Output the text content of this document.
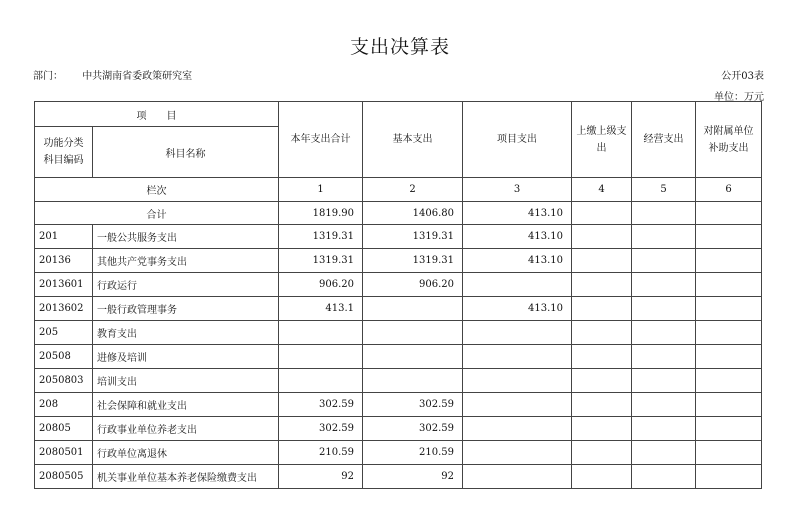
支出决算表
部门： 中共湖南省委政策研究室	公开03表
单位：万元
项　　目		本年支出合计	基本支出	项目支出	上缴上级支出	经营支出	对附属单位补助支出
功能分类科目编码	科目名称						
栏次		1	2	3	4	5	6
合计		1819.90	1406.80	413.10			
201	一般公共服务支出	1319.31	1319.31	413.10			
20136	其他共产党事务支出	1319.31	1319.31	413.10			
2013601	行政运行	906.20	906.20				
2013602	一般行政管理事务	413.1		413.10			
205	教育支出						
20508	进修及培训						
2050803	培训支出						
208	社会保障和就业支出	302.59	302.59				
20805	行政事业单位养老支出	302.59	302.59				
2080501	行政单位离退休	210.59	210.59				
2080505	机关事业单位基本养老保险缴费支出	92	92				
